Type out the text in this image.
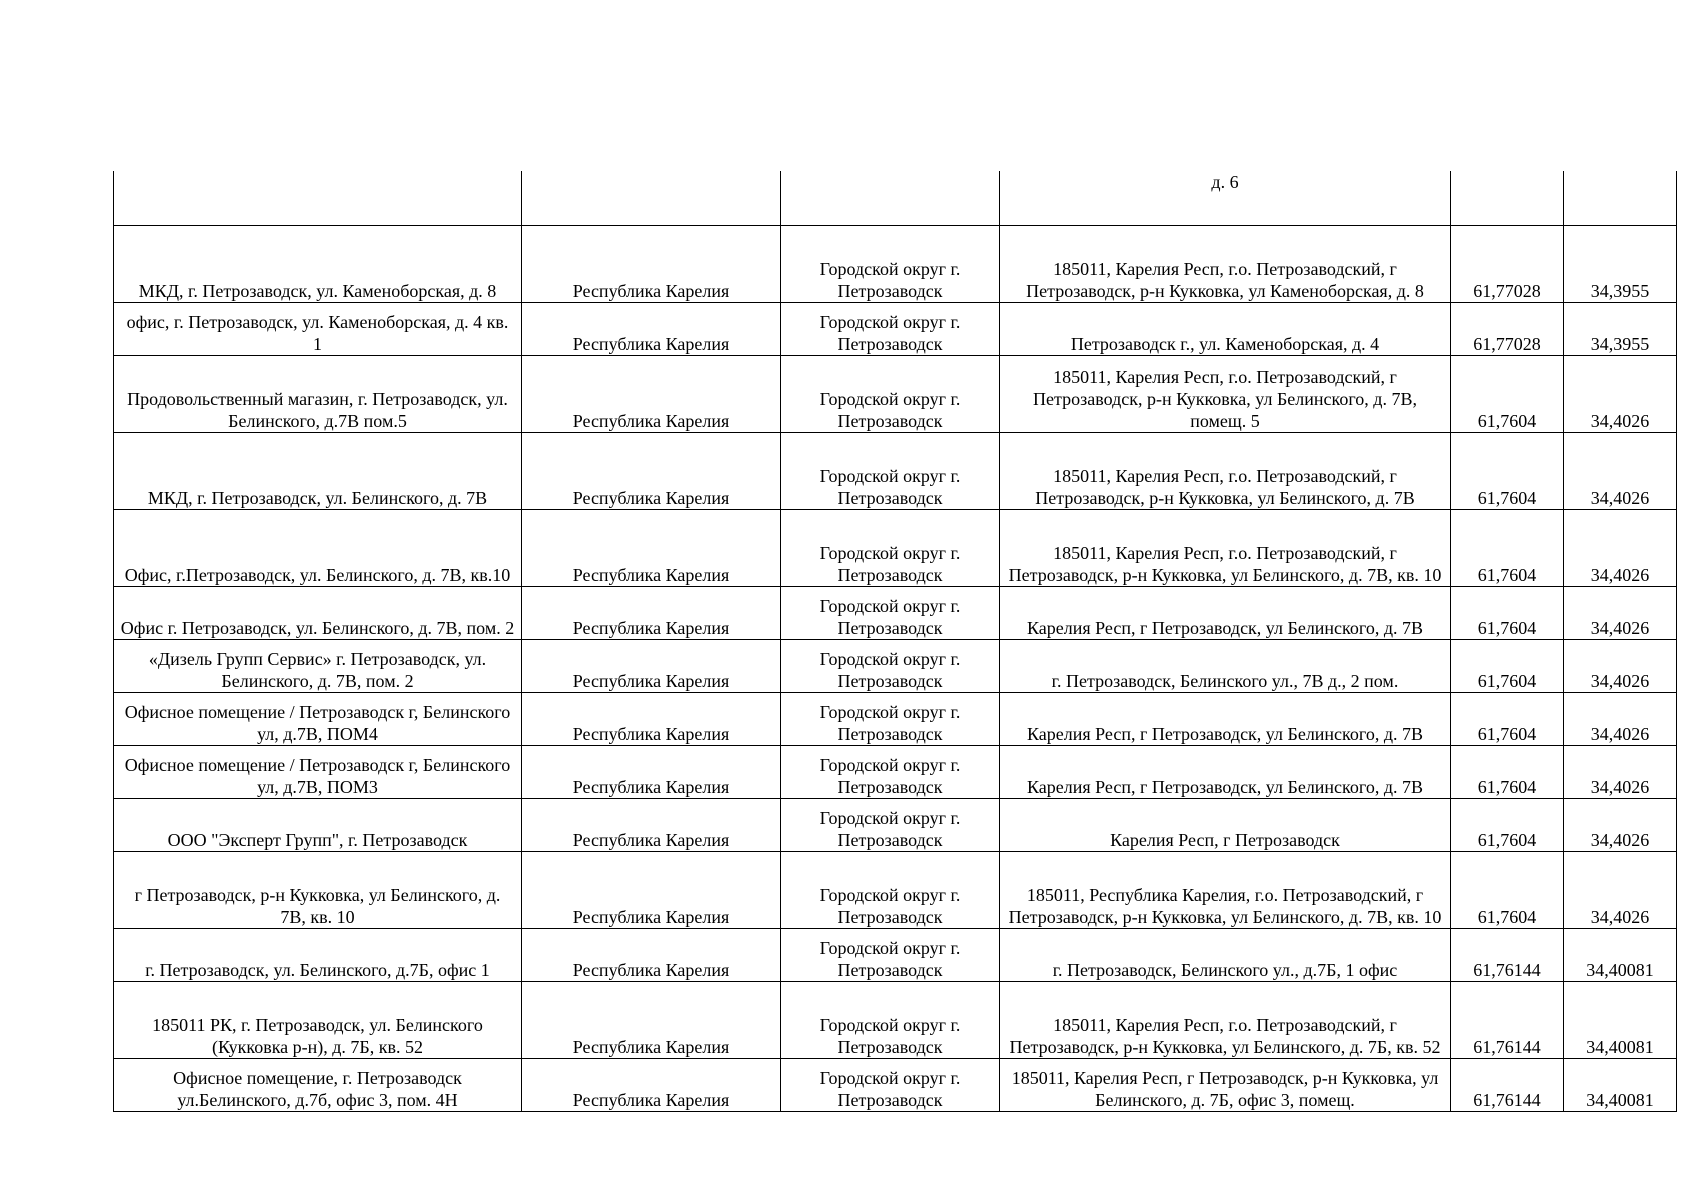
			д. 6		
МКД, г. Петрозаводск, ул. Каменоборская, д. 8	Республика Карелия	Городской округ г. Петрозаводск	185011, Карелия Респ, г.о. Петрозаводский, г Петрозаводск, р-н Кукковка, ул Каменоборская, д. 8	61,77028	34,3955
офис, г. Петрозаводск, ул. Каменоборская, д. 4 кв. 1	Республика Карелия	Городской округ г. Петрозаводск	Петрозаводск г., ул. Каменоборская, д. 4	61,77028	34,3955
Продовольственный магазин, г. Петрозаводск, ул. Белинского, д.7В пом.5	Республика Карелия	Городской округ г. Петрозаводск	185011, Карелия Респ, г.о. Петрозаводский, г Петрозаводск, р-н Кукковка, ул Белинского, д. 7В, помещ. 5	61,7604	34,4026
МКД, г. Петрозаводск, ул. Белинского, д. 7В	Республика Карелия	Городской округ г. Петрозаводск	185011, Карелия Респ, г.о. Петрозаводский, г Петрозаводск, р-н Кукковка, ул Белинского, д. 7В	61,7604	34,4026
Офис, г.Петрозаводск, ул. Белинского, д. 7В, кв.10	Республика Карелия	Городской округ г. Петрозаводск	185011, Карелия Респ, г.о. Петрозаводский, г Петрозаводск, р-н Кукковка, ул Белинского, д. 7В, кв. 10	61,7604	34,4026
Офис г. Петрозаводск, ул. Белинского, д. 7В, пом. 2	Республика Карелия	Городской округ г. Петрозаводск	Карелия Респ, г Петрозаводск, ул Белинского, д. 7В	61,7604	34,4026
«Дизель Групп Сервис» г. Петрозаводск, ул. Белинского, д. 7В, пом. 2	Республика Карелия	Городской округ г. Петрозаводск	г. Петрозаводск, Белинского ул., 7В д., 2 пом.	61,7604	34,4026
Офисное помещение / Петрозаводск г, Белинского ул, д.7В, ПОМ4	Республика Карелия	Городской округ г. Петрозаводск	Карелия Респ, г Петрозаводск, ул Белинского, д. 7В	61,7604	34,4026
Офисное помещение / Петрозаводск г, Белинского ул, д.7В, ПОМ3	Республика Карелия	Городской округ г. Петрозаводск	Карелия Респ, г Петрозаводск, ул Белинского, д. 7В	61,7604	34,4026
ООО "Эксперт Групп", г. Петрозаводск	Республика Карелия	Городской округ г. Петрозаводск	Карелия Респ, г Петрозаводск	61,7604	34,4026
г Петрозаводск, р-н Кукковка, ул Белинского, д. 7В, кв. 10	Республика Карелия	Городской округ г. Петрозаводск	185011, Республика Карелия, г.о. Петрозаводский, г Петрозаводск, р-н Кукковка, ул Белинского, д. 7В, кв. 10	61,7604	34,4026
г. Петрозаводск, ул. Белинского, д.7Б, офис 1	Республика Карелия	Городской округ г. Петрозаводск	г. Петрозаводск, Белинского ул., д.7Б, 1 офис	61,76144	34,40081
185011 РК, г. Петрозаводск, ул. Белинского (Кукковка р-н), д. 7Б, кв. 52	Республика Карелия	Городской округ г. Петрозаводск	185011, Карелия Респ, г.о. Петрозаводский, г Петрозаводск, р-н Кукковка, ул Белинского, д. 7Б, кв. 52	61,76144	34,40081
Офисное помещение, г. Петрозаводск ул.Белинского, д.7б, офис 3, пом. 4Н	Республика Карелия	Городской округ г. Петрозаводск	185011, Карелия Респ, г Петрозаводск, р-н Кукковка, ул Белинского, д. 7Б, офис 3, помещ.	61,76144	34,40081
